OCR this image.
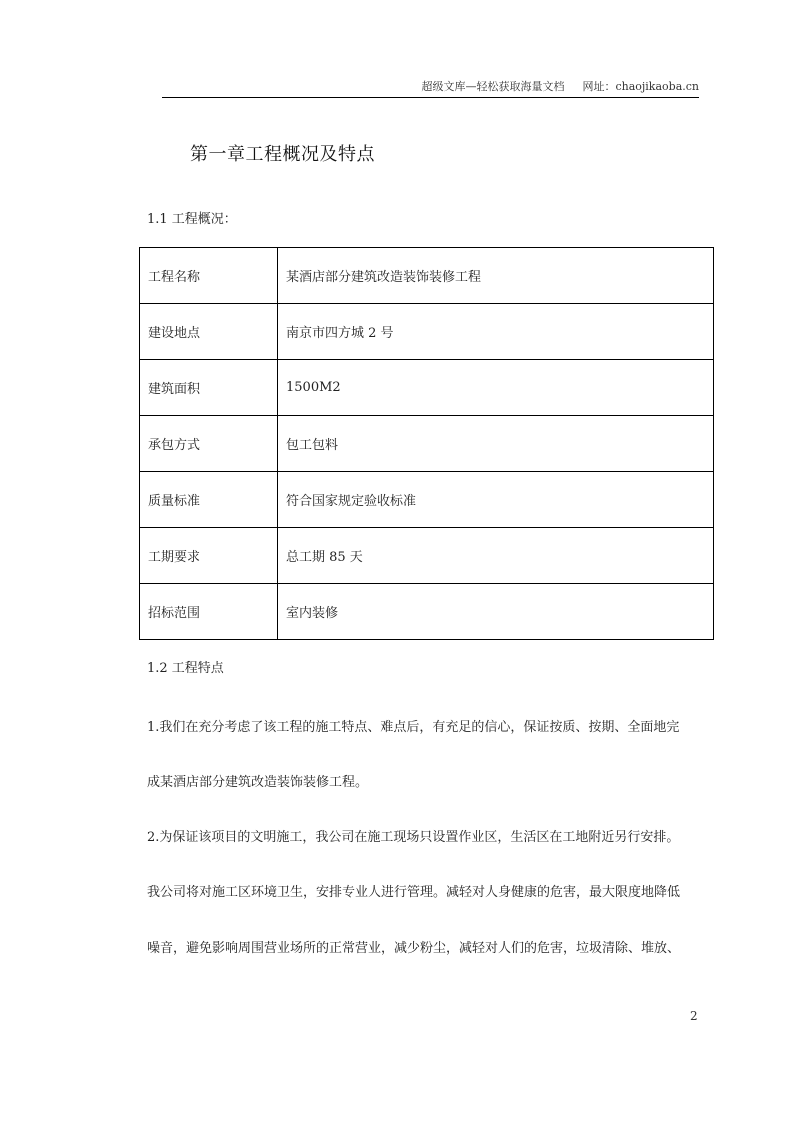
超级文库—轻松获取海量文档 网址：chaojikaoba.cn
第一章工程概况及特点

1.1 工程概况：

工程名称	某酒店部分建筑改造装饰装修工程
建设地点	南京市四方城 2 号
建筑面积	1500M2
承包方式	包工包料
质量标准	符合国家规定验收标准
工期要求	总工期 85 天
招标范围	室内装修

1.2 工程特点

1.我们在充分考虑了该工程的施工特点、难点后，有充足的信心，保证按质、按期、全面地完

成某酒店部分建筑改造装饰装修工程。

2.为保证该项目的文明施工，我公司在施工现场只设置作业区，生活区在工地附近另行安排。

我公司将对施工区环境卫生，安排专业人进行管理。减轻对人身健康的危害，最大限度地降低

噪音，避免影响周围营业场所的正常营业，减少粉尘，减轻对人们的危害，垃圾清除、堆放、

2
